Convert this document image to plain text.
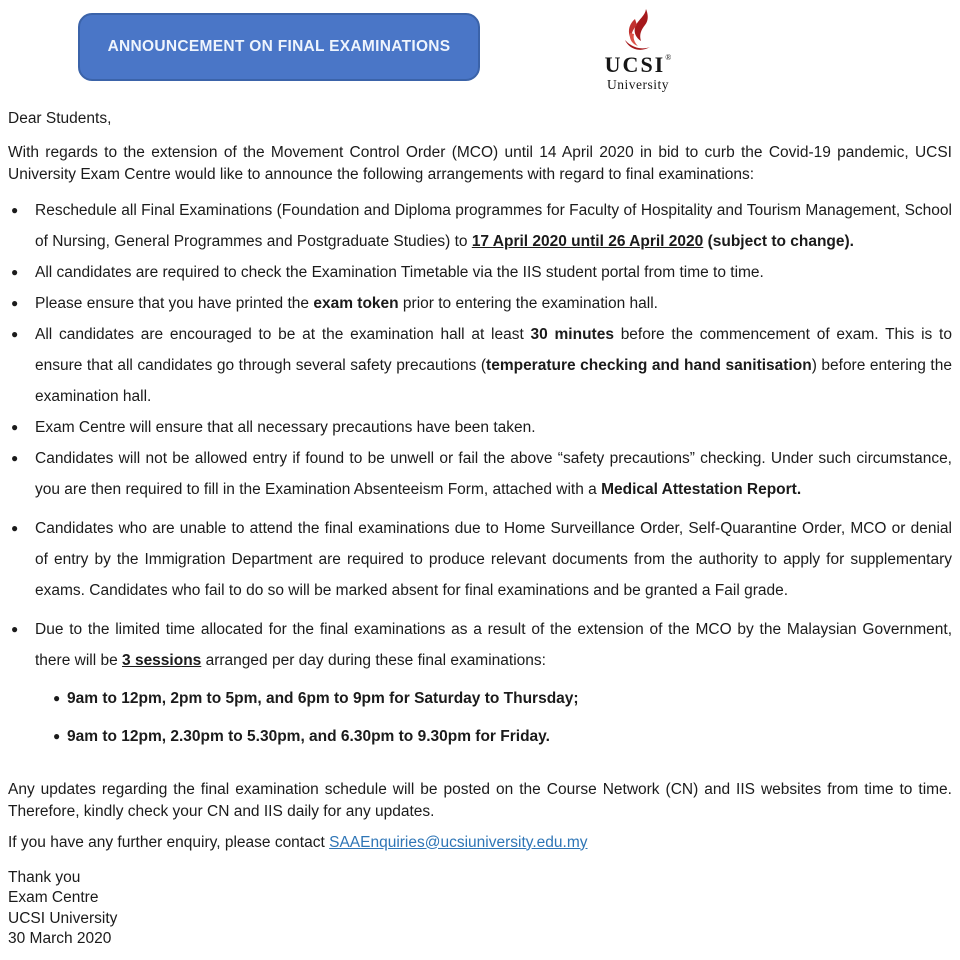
ANNOUNCEMENT ON FINAL EXAMINATIONS
UCSI®
University

Dear Students,

With regards to the extension of the Movement Control Order (MCO) until 14 April 2020 in bid to curb the Covid-19 pandemic, UCSI University Exam Centre would like to announce the following arrangements with regard to final examinations:

●	Reschedule all Final Examinations (Foundation and Diploma programmes for Faculty of Hospitality and Tourism Management, School of Nursing, General Programmes and Postgraduate Studies) to 17 April 2020 until 26 April 2020 (subject to change).
●	All candidates are required to check the Examination Timetable via the IIS student portal from time to time.
●	Please ensure that you have printed the exam token prior to entering the examination hall.
●	All candidates are encouraged to be at the examination hall at least 30 minutes before the commencement of exam. This is to ensure that all candidates go through several safety precautions (temperature checking and hand sanitisation) before entering the examination hall.
●	Exam Centre will ensure that all necessary precautions have been taken.
●	Candidates will not be allowed entry if found to be unwell or fail the above “safety precautions” checking. Under such circumstance, you are then required to fill in the Examination Absenteeism Form, attached with a Medical Attestation Report.
●	Candidates who are unable to attend the final examinations due to Home Surveillance Order, Self-Quarantine Order, MCO or denial of entry by the Immigration Department are required to produce relevant documents from the authority to apply for supplementary exams. Candidates who fail to do so will be marked absent for final examinations and be granted a Fail grade.
●	Due to the limited time allocated for the final examinations as a result of the extension of the MCO by the Malaysian Government, there will be 3 sessions arranged per day during these final examinations:
● 9am to 12pm, 2pm to 5pm, and 6pm to 9pm for Saturday to Thursday;
● 9am to 12pm, 2.30pm to 5.30pm, and 6.30pm to 9.30pm for Friday.

Any updates regarding the final examination schedule will be posted on the Course Network (CN) and IIS websites from time to time. Therefore, kindly check your CN and IIS daily for any updates.

If you have any further enquiry, please contact SAAEnquiries@ucsiuniversity.edu.my

Thank you
Exam Centre
UCSI University
30 March 2020
